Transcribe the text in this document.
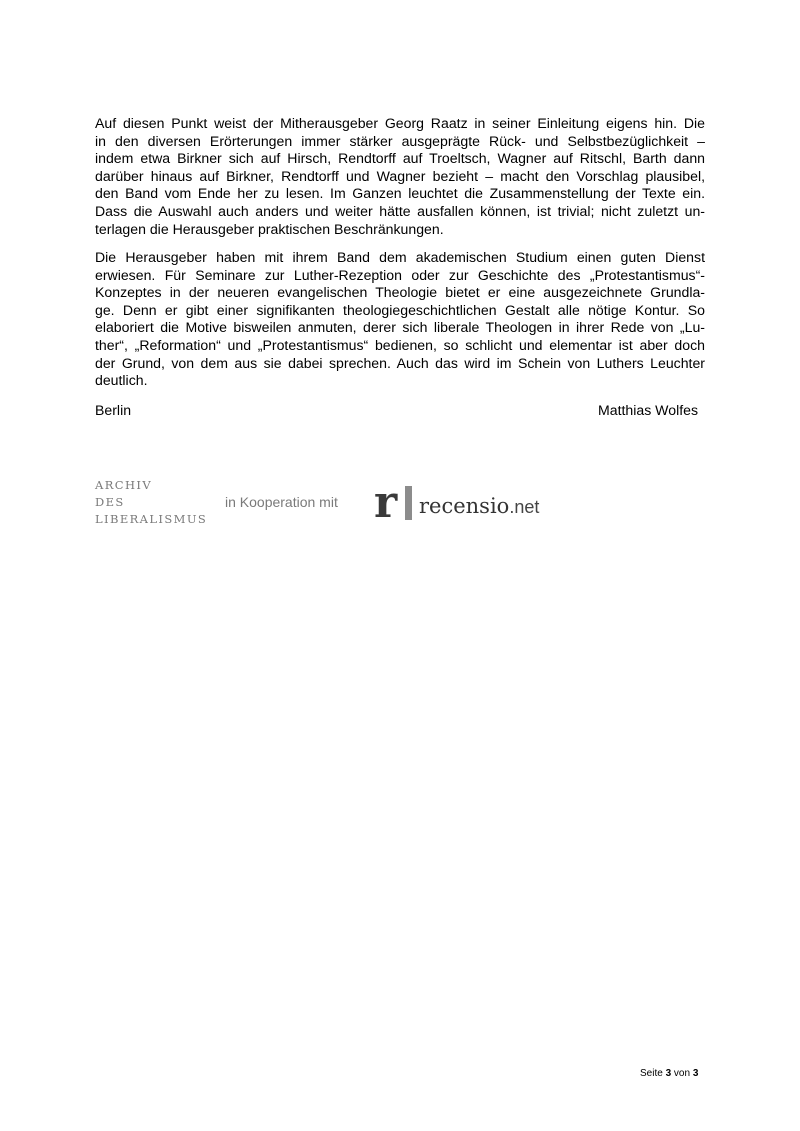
Auf diesen Punkt weist der Mitherausgeber Georg Raatz in seiner Einleitung eigens hin. Die
in den diversen Erörterungen immer stärker ausgeprägte Rück- und Selbstbezüglichkeit –
indem etwa Birkner sich auf Hirsch, Rendtorff auf Troeltsch, Wagner auf Ritschl, Barth dann
darüber hinaus auf Birkner, Rendtorff und Wagner bezieht – macht den Vorschlag plausibel,
den Band vom Ende her zu lesen. Im Ganzen leuchtet die Zusammenstellung der Texte ein.
Dass die Auswahl auch anders und weiter hätte ausfallen können, ist trivial; nicht zuletzt un-
terlagen die Herausgeber praktischen Beschränkungen.

Die Herausgeber haben mit ihrem Band dem akademischen Studium einen guten Dienst
erwiesen. Für Seminare zur Luther-Rezeption oder zur Geschichte des „Protestantismus“-
Konzeptes in der neueren evangelischen Theologie bietet er eine ausgezeichnete Grundla-
ge. Denn er gibt einer signifikanten theologiegeschichtlichen Gestalt alle nötige Kontur. So
elaboriert die Motive bisweilen anmuten, derer sich liberale Theologen in ihrer Rede von „Lu-
ther“, „Reformation“ und „Protestantismus“ bedienen, so schlicht und elementar ist aber doch
der Grund, von dem aus sie dabei sprechen. Auch das wird im Schein von Luthers Leuchter
deutlich.

Berlin	Matthias Wolfes
ARCHIV
DES
LIBERALISMUS
in Kooperation mit r recensio.net
Seite 3 von 3
